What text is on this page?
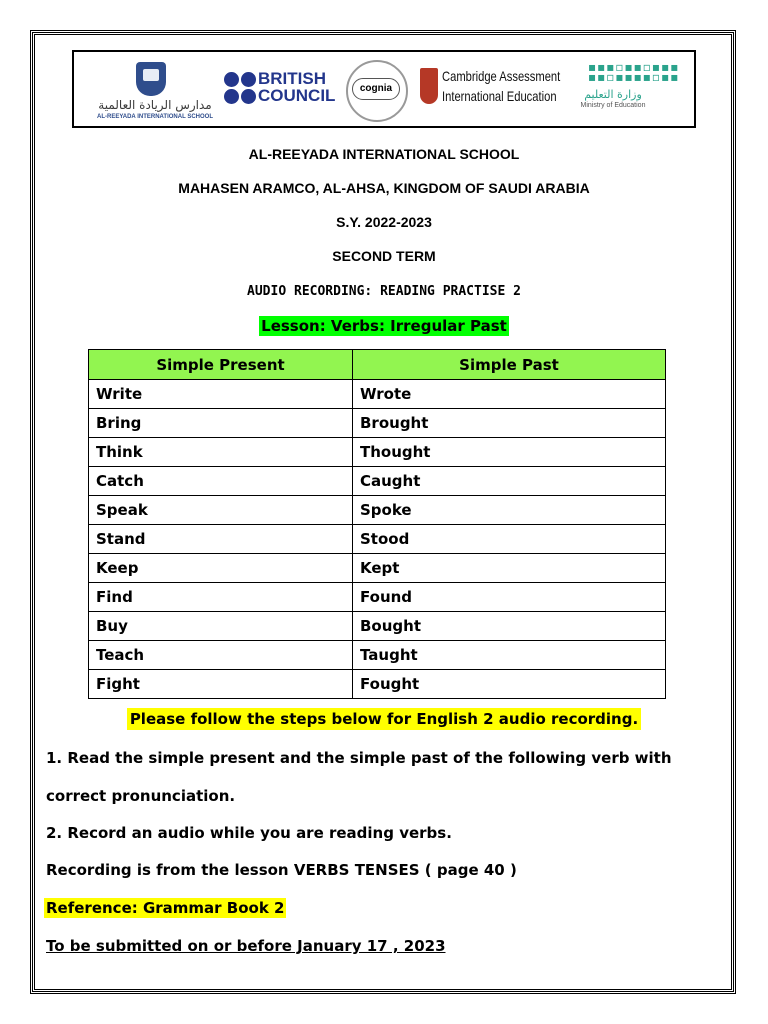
مدارس الريادة العالمية
AL-REEYADA INTERNATIONAL SCHOOL
BRITISH
COUNCIL	cognia
Cambridge Assessment
International Education
▪▪▪▫▪▪▫▪▪▪
▪▪▫▪▪▪▪▫▪▪
وزارة التعليم
Ministry of Education
AL-REEYADA INTERNATIONAL SCHOOL
MAHASEN ARAMCO, AL-AHSA, KINGDOM OF SAUDI ARABIA
S.Y. 2022-2023
SECOND TERM
AUDIO RECORDING: READING PRACTISE 2
Lesson: Verbs: Irregular Past
Simple Present	Simple Past
Write	Wrote
Bring	Brought
Think	Thought
Catch	Caught
Speak	Spoke
Stand	Stood
Keep	Kept
Find	Found
Buy	Bought
Teach	Taught
Fight	Fought
Please follow the steps below for English 2 audio recording.
1. Read the simple present and the simple past of the following verb with
correct pronunciation.
2. Record an audio while you are reading verbs.
Recording is from the lesson VERBS TENSES ( page 40 )
Reference: Grammar Book 2
To be submitted on or before January 17 , 2023
